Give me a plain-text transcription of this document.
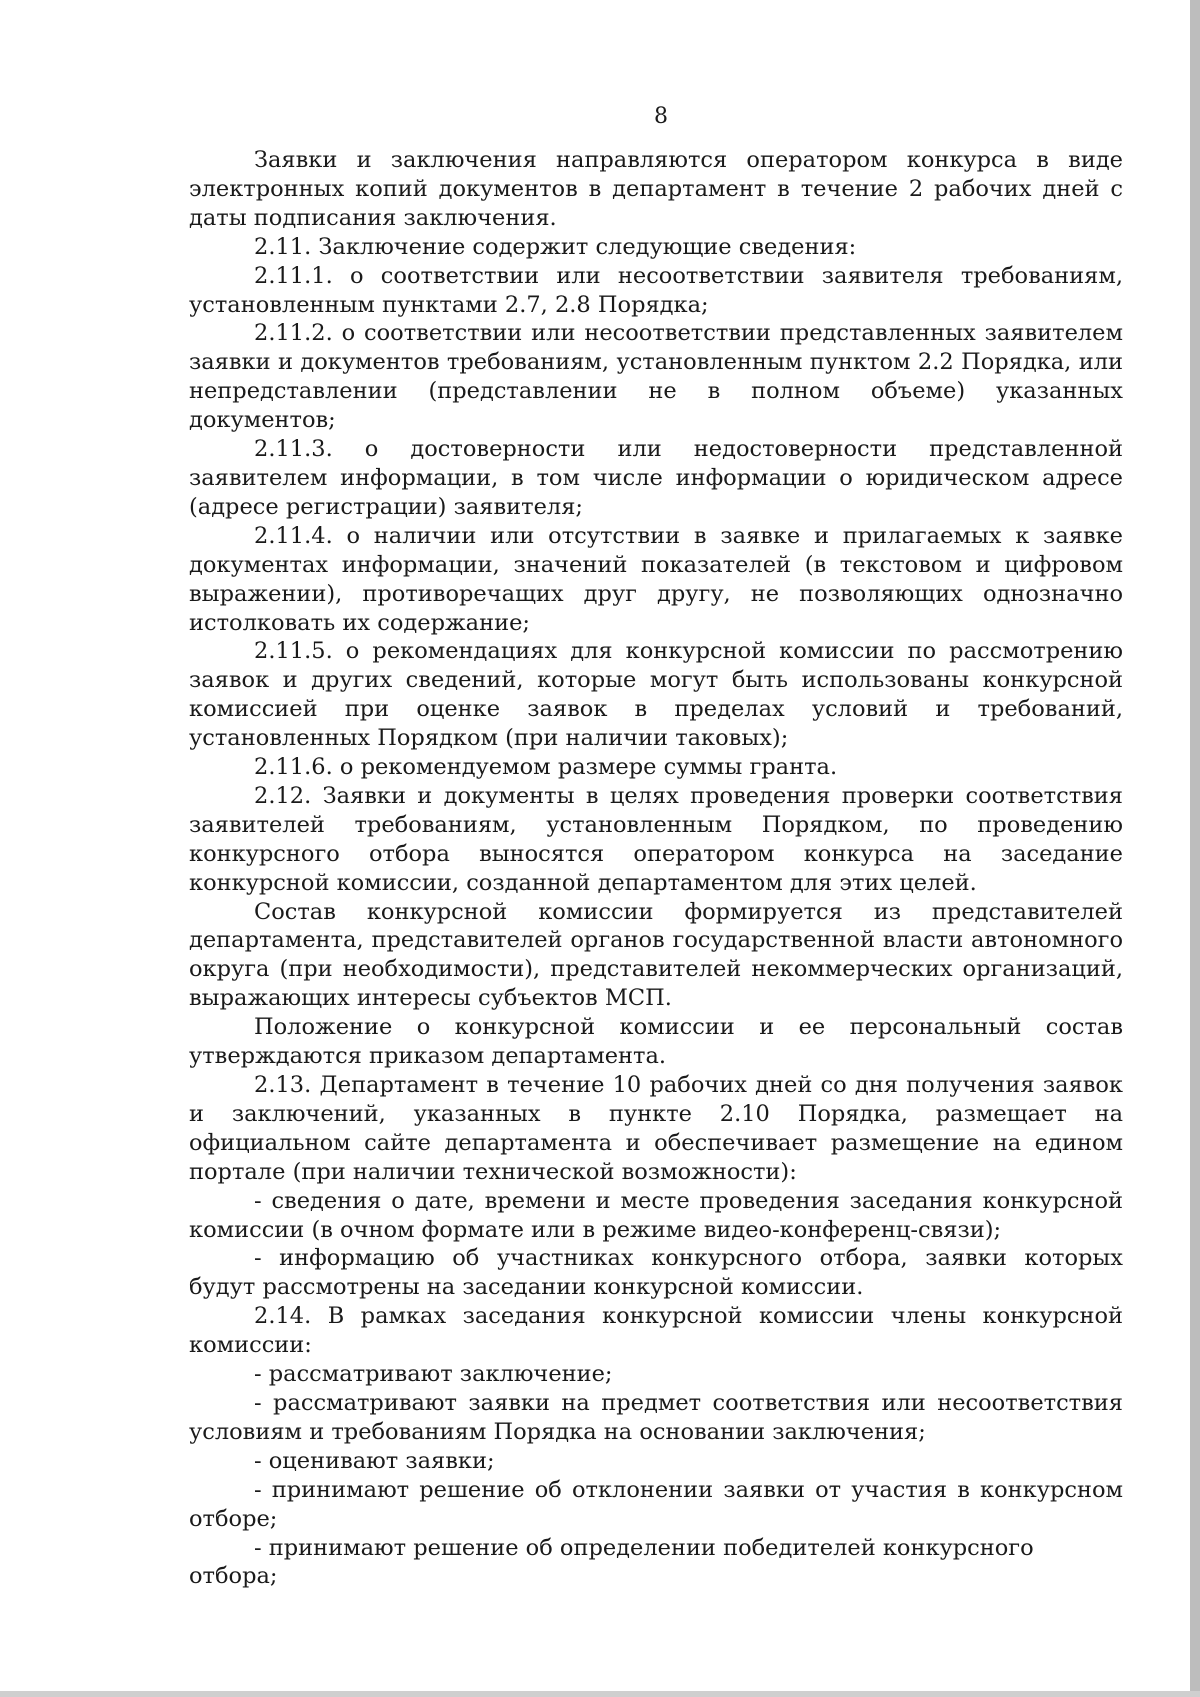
8

Заявки и заключения направляются оператором конкурса в виде электронных копий документов в департамент в течение 2 рабочих дней с даты подписания заключения.

2.11. Заключение содержит следующие сведения:

2.11.1. о соответствии или несоответствии заявителя требованиям, установленным пунктами 2.7, 2.8 Порядка;

2.11.2. о соответствии или несоответствии представленных заявителем заявки и документов требованиям, установленным пунктом 2.2 Порядка, или непредставлении (представлении не в полном объеме) указанных документов;

2.11.3. о достоверности или недостоверности представленной заявителем информации, в том числе информации о юридическом адресе (адресе регистрации) заявителя;

2.11.4. о наличии или отсутствии в заявке и прилагаемых к заявке документах информации, значений показателей (в текстовом и цифровом выражении), противоречащих друг другу, не позволяющих однозначно истолковать их содержание;

2.11.5. о рекомендациях для конкурсной комиссии по рассмотрению заявок и других сведений, которые могут быть использованы конкурсной комиссией при оценке заявок в пределах условий и требований, установленных Порядком (при наличии таковых);

2.11.6. о рекомендуемом размере суммы гранта.

2.12. Заявки и документы в целях проведения проверки соответствия заявителей требованиям, установленным Порядком, по проведению конкурсного отбора выносятся оператором конкурса на заседание конкурсной комиссии, созданной департаментом для этих целей.

Состав конкурсной комиссии формируется из представителей департамента, представителей органов государственной власти автономного округа (при необходимости), представителей некоммерческих организаций, выражающих интересы субъектов МСП.

Положение о конкурсной комиссии и ее персональный состав утверждаются приказом департамента.

2.13. Департамент в течение 10 рабочих дней со дня получения заявок и заключений, указанных в пункте 2.10 Порядка, размещает на официальном сайте департамента и обеспечивает размещение на едином портале (при наличии технической возможности):

- сведения о дате, времени и месте проведения заседания конкурсной комиссии (в очном формате или в режиме видео-конференц-связи);

- информацию об участниках конкурсного отбора, заявки которых будут рассмотрены на заседании конкурсной комиссии.

2.14. В рамках заседания конкурсной комиссии члены конкурсной комиссии:

- рассматривают заключение;

- рассматривают заявки на предмет соответствия или несоответствия условиям и требованиям Порядка на основании заключения;

- оценивают заявки;

- принимают решение об отклонении заявки от участия в конкурсном отборе;

- принимают решение об определении победителей конкурсного отбора;
